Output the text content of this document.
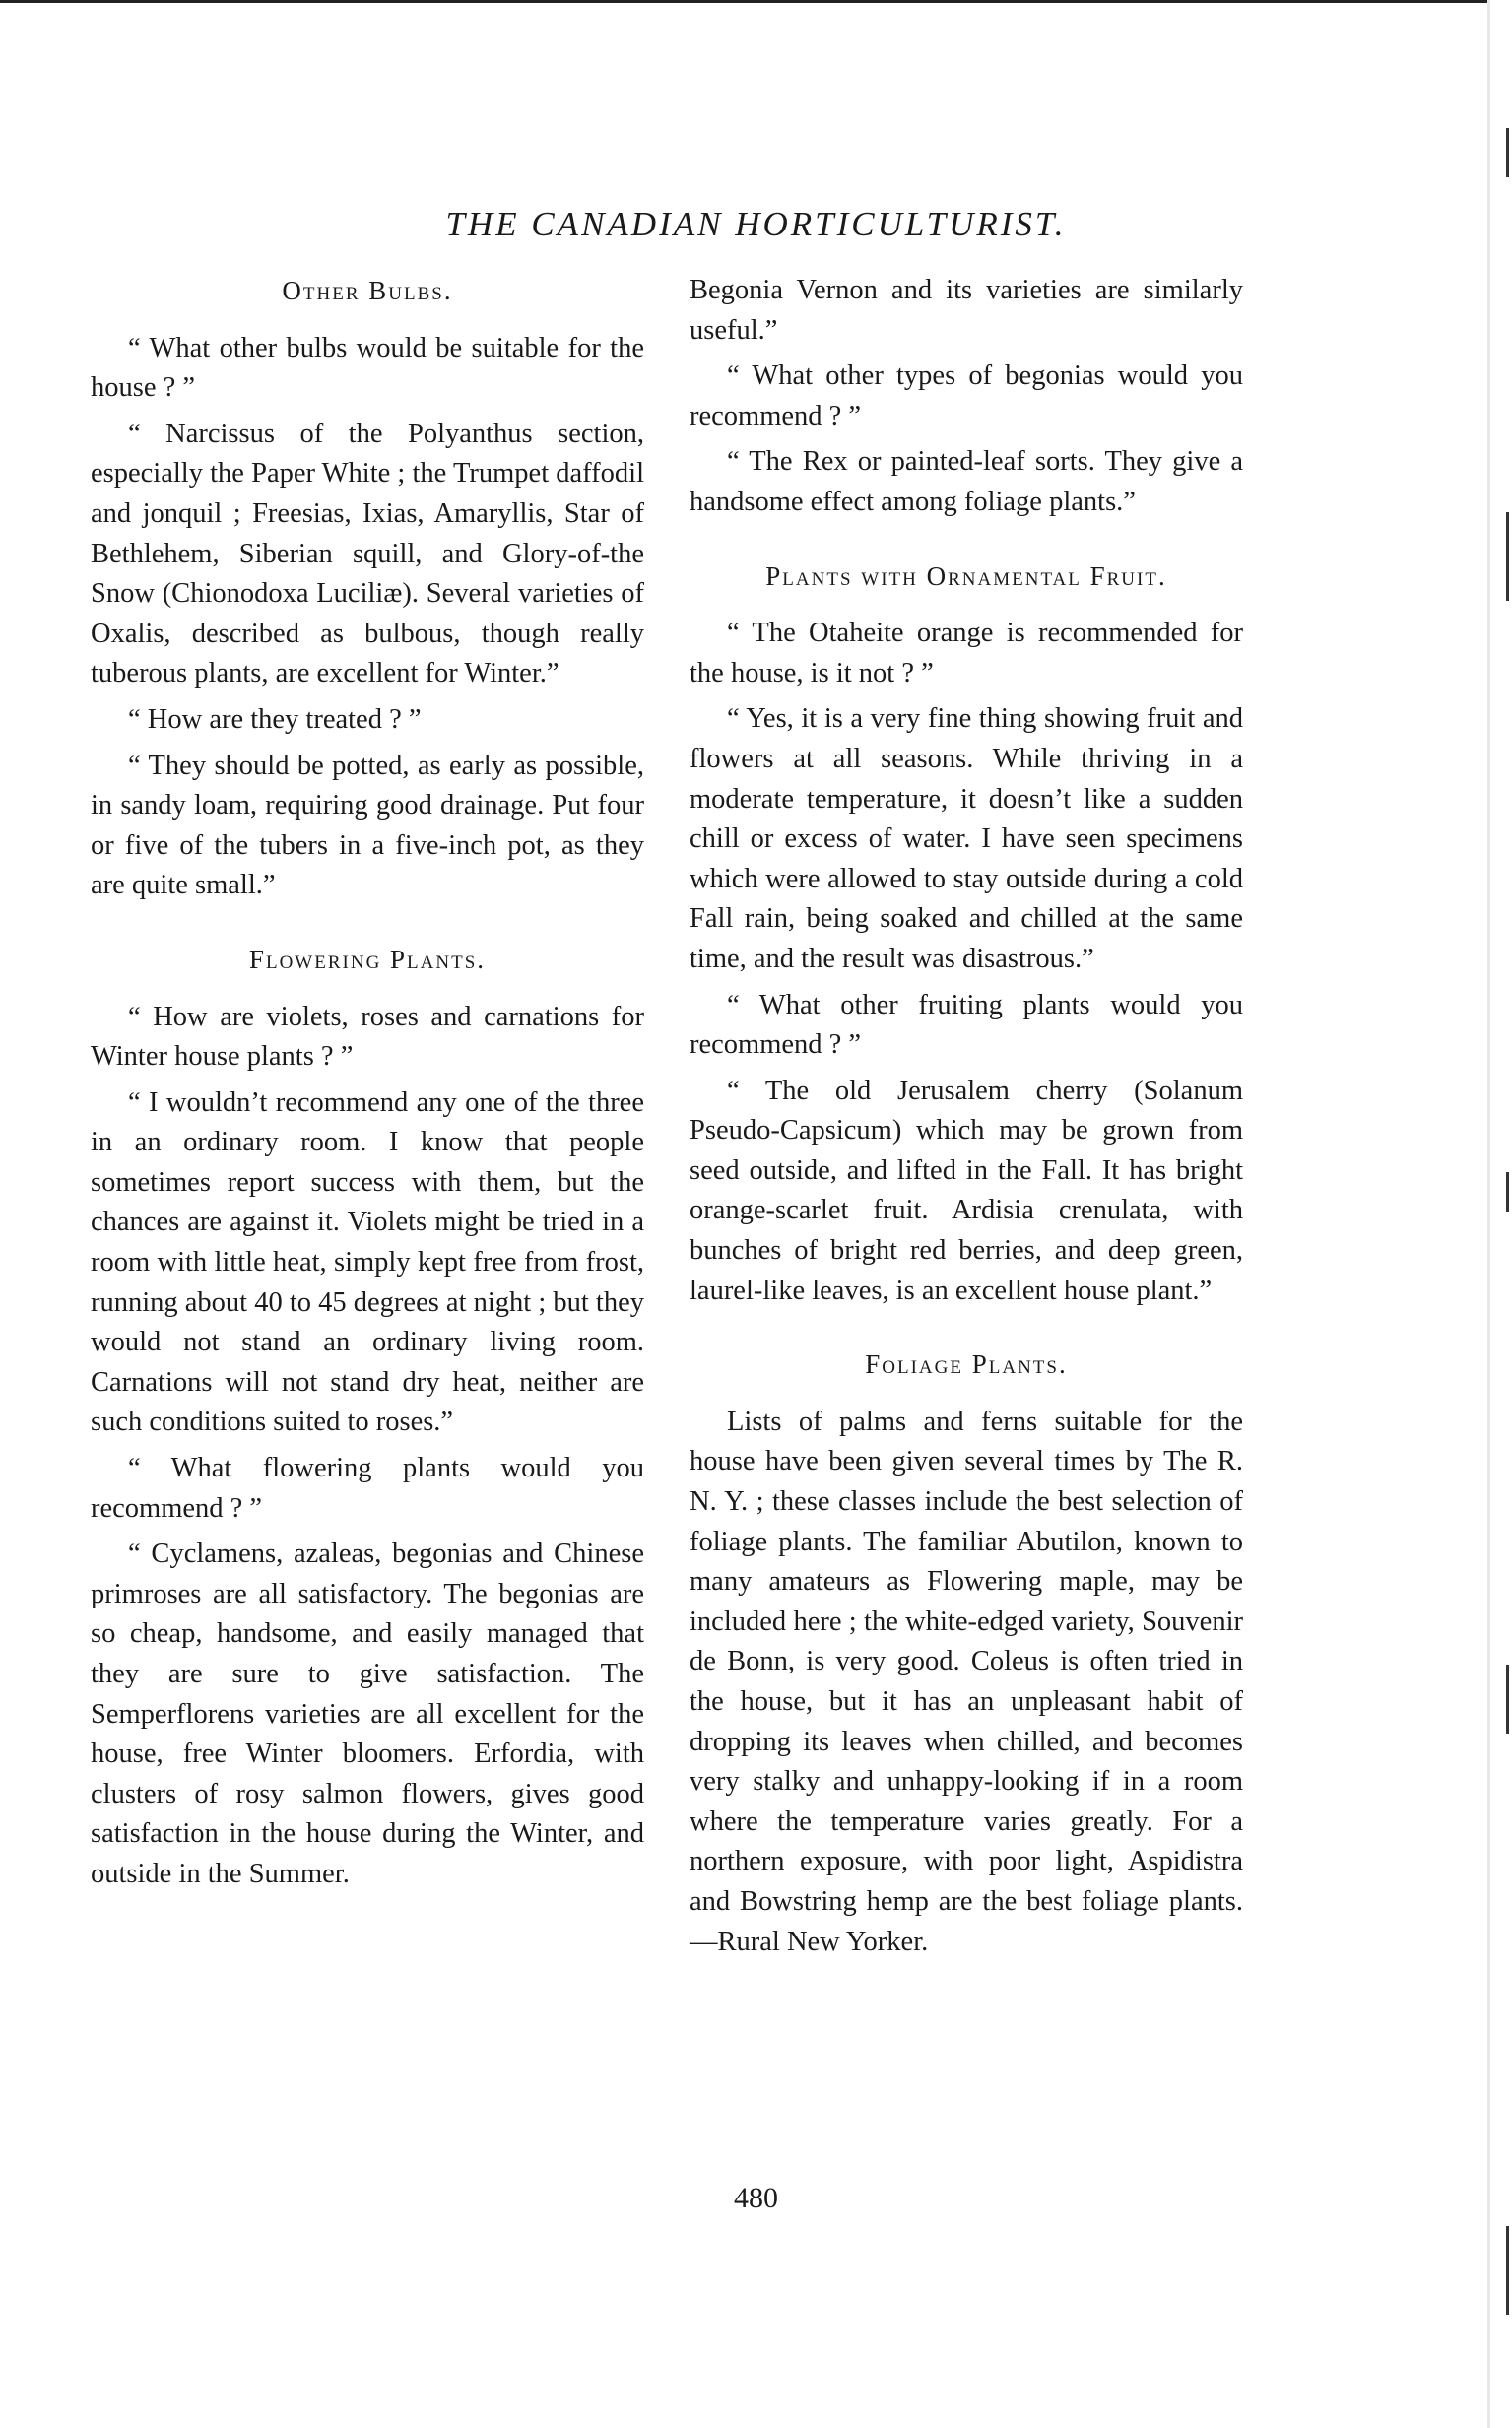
THE CANADIAN HORTICULTURIST.
Other Bulbs.

“ What other bulbs would be suitable for the house ? ”

“ Narcissus of the Polyanthus section, especially the Paper White ; the Trumpet daffodil and jonquil ; Freesias, Ixias, Amaryllis, Star of Bethlehem, Siberian squill, and Glory-of-the Snow (Chionodoxa Luciliæ). Several varieties of Oxalis, described as bulbous, though really tuberous plants, are excellent for Winter.”

“ How are they treated ? ”

“ They should be potted, as early as possible, in sandy loam, requiring good drainage. Put four or five of the tubers in a five-inch pot, as they are quite small.”

Flowering Plants.

“ How are violets, roses and carnations for Winter house plants ? ”

“ I wouldn’t recommend any one of the three in an ordinary room. I know that people sometimes report success with them, but the chances are against it. Violets might be tried in a room with little heat, simply kept free from frost, running about 40 to 45 degrees at night ; but they would not stand an ordinary living room. Carnations will not stand dry heat, neither are such conditions suited to roses.”

“ What flowering plants would you recommend ? ”

“ Cyclamens, azaleas, begonias and Chinese primroses are all satisfactory. The begonias are so cheap, handsome, and easily managed that they are sure to give satisfaction. The Semperflorens varieties are all excellent for the house, free Winter bloomers. Erfordia, with clusters of rosy salmon flowers, gives good satisfaction in the house during the Winter, and outside in the Summer.

Begonia Vernon and its varieties are similarly useful.”

“ What other types of begonias would you recommend ? ”

“ The Rex or painted-leaf sorts. They give a handsome effect among foliage plants.”

Plants with Ornamental Fruit.

“ The Otaheite orange is recommended for the house, is it not ? ”

“ Yes, it is a very fine thing showing fruit and flowers at all seasons. While thriving in a moderate temperature, it doesn’t like a sudden chill or excess of water. I have seen specimens which were allowed to stay outside during a cold Fall rain, being soaked and chilled at the same time, and the result was disastrous.”

“ What other fruiting plants would you recommend ? ”

“ The old Jerusalem cherry (Solanum Pseudo-Capsicum) which may be grown from seed outside, and lifted in the Fall. It has bright orange-scarlet fruit. Ardisia crenulata, with bunches of bright red berries, and deep green, laurel-like leaves, is an excellent house plant.”

Foliage Plants.

Lists of palms and ferns suitable for the house have been given several times by The R. N. Y. ; these classes include the best selection of foliage plants. The familiar Abutilon, known to many amateurs as Flowering maple, may be included here ; the white-edged variety, Souvenir de Bonn, is very good. Coleus is often tried in the house, but it has an unpleasant habit of dropping its leaves when chilled, and becomes very stalky and unhappy-looking if in a room where the temperature varies greatly. For a northern exposure, with poor light, Aspidistra and Bowstring hemp are the best foliage plants.—Rural New Yorker.

480
